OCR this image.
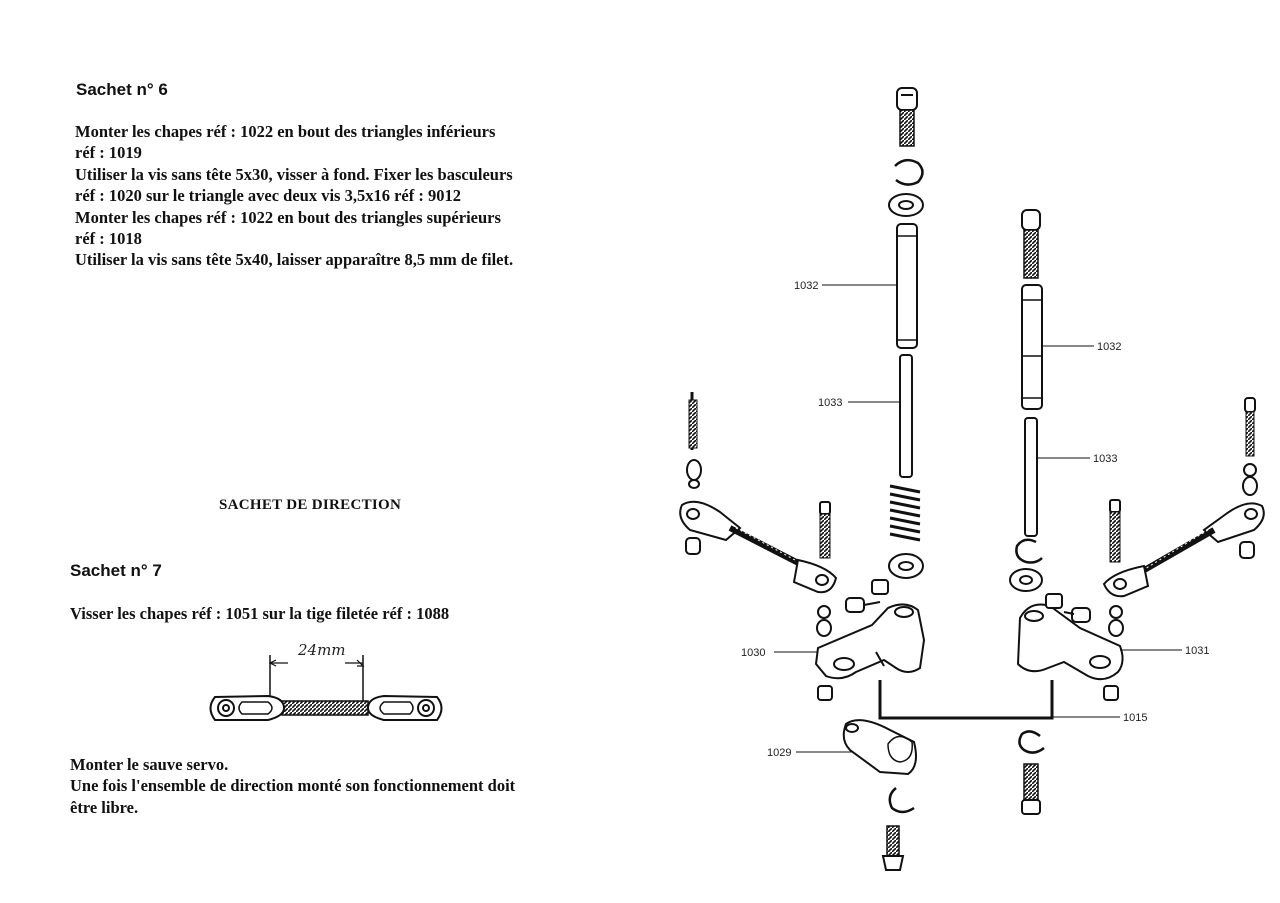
Sachet n° 6
Monter les chapes réf : 1022 en bout des triangles inférieurs
réf : 1019
Utiliser la vis sans tête 5x30, visser à fond. Fixer les basculeurs
réf : 1020 sur le triangle avec deux vis 3,5x16 réf : 9012
Monter les chapes réf : 1022 en bout des triangles supérieurs
réf : 1018
Utiliser la vis sans tête 5x40, laisser apparaître 8,5 mm de filet.
SACHET DE DIRECTION
Sachet n° 7
Visser les chapes réf : 1051 sur la tige filetée réf : 1088
Monter le sauve servo.
Une fois l'ensemble de direction monté son fonctionnement doit
être libre.
24mm
1032
1033
1032
1033
1030	1031
1015
1029
